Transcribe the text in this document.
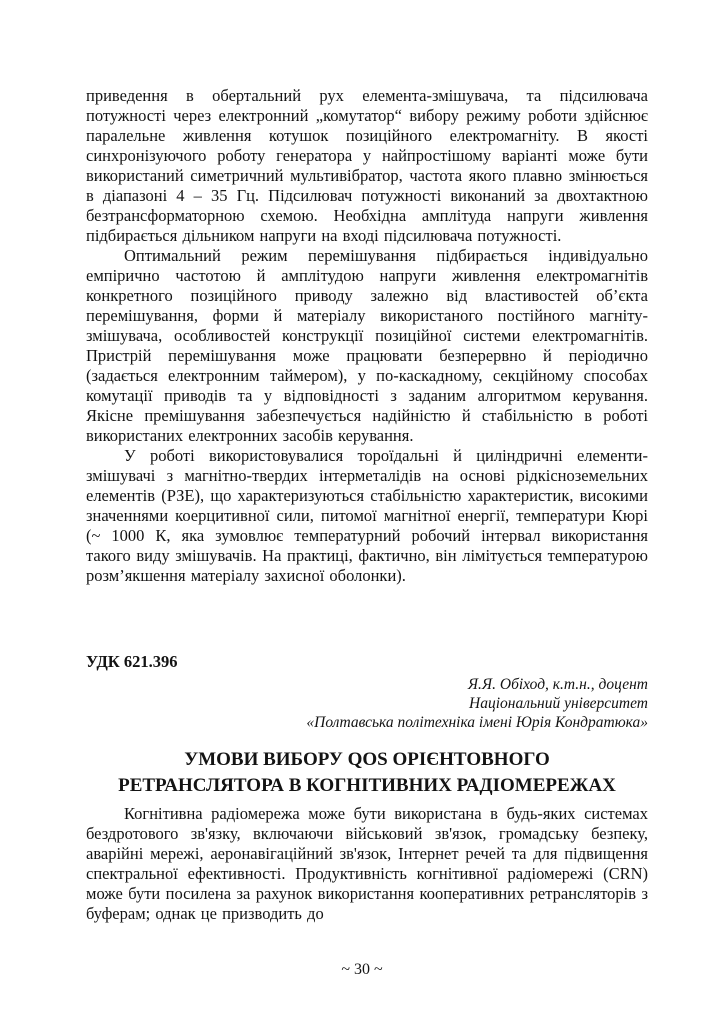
приведення в обертальний рух елемента-змішувача, та підсилювача потужності через електронний „комутатор“ вибору режиму роботи здійснює паралельне живлення котушок позиційного електромагніту. В якості синхронізуючого роботу генератора у найпростішому варіанті може бути використаний симетричний мультивібратор, частота якого плавно змінюється в діапазоні 4 – 35 Гц. Підсилювач потужності виконаний за двохтактною безтрансформаторною схемою. Необхідна амплітуда напруги живлення підбирається дільником напруги на вході підсилювача потужності.

Оптимальний режим перемішування підбирається індивідуально емпірично частотою й амплітудою напруги живлення електромагнітів конкретного позиційного приводу залежно від властивостей об’єкта перемішування, форми й матеріалу використаного постійного магніту-змішувача, особливостей конструкції позиційної системи електромагнітів. Пристрій перемішування може працювати безперервно й періодично (задається електронним таймером), у по-каскадному, секційному способах комутації приводів та у відповідності з заданим алгоритмом керування. Якісне премішування забезпечується надійністю й стабільністю в роботі використаних електронних засобів керування.

У роботі використовувалися тороїдальні й циліндричні елементи-змішувачі з магнітно-твердих інтерметалідів на основі рідкісноземельних елементів (РЗЕ), що характеризуються стабільністю характеристик, високими значеннями коерцитивної сили, питомої магнітної енергії, температури Кюрі (~ 1000 К, яка зумовлює температурний робочий інтервал використання такого виду змішувачів. На практиці, фактично, він лімітується температурою розм’якшення матеріалу захисної оболонки).

УДК 621.396

Я.Я. Обіход, к.т.н., доцент
Національний університет
«Полтавська політехніка імені Юрія Кондратюка»
УМОВИ ВИБОРУ QOS ОРІЄНТОВНОГО
РЕТРАНСЛЯТОРА В КОГНІТИВНИХ РАДІОМЕРЕЖАХ

Когнітивна радіомережа може бути використана в будь-яких системах бездротового зв'язку, включаючи військовий зв'язок, громадську безпеку, аварійні мережі, аеронавігаційний зв'язок, Інтернет речей та для підвищення спектральної ефективності. Продуктивність когнітивної радіомережі (CRN) може бути посилена за рахунок використання кооперативних ретрансляторів з буферам; однак це призводить до

~ 30 ~
